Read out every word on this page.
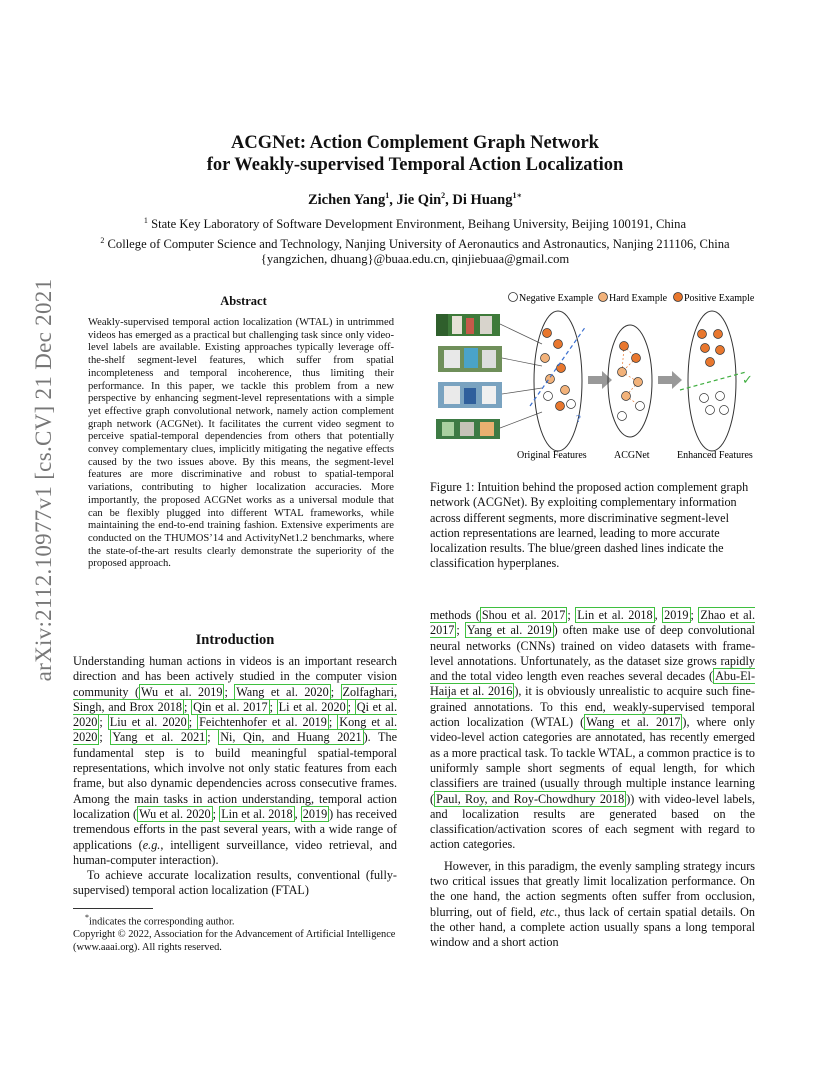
arXiv:2112.10977v1 [cs.CV] 21 Dec 2021
ACGNet: Action Complement Graph Network
for Weakly-supervised Temporal Action Localization
Zichen Yang$^1$, Jie Qin$^2$, Di Huang$^{1∗}$
$^1$ State Key Laboratory of Software Development Environment, Beihang University, Beijing 100191, China
$^2$ College of Computer Science and Technology, Nanjing University of Aeronautics and Astronautics, Nanjing 211106, China
{yangzichen, dhuang}@buaa.edu.cn, qinjiebuaa@gmail.com
Abstract
Weakly-supervised temporal action localization (WTAL) in untrimmed videos has emerged as a practical but challenging task since only video-level labels are available. Existing approaches typically leverage off-the-shelf segment-level features, which suffer from spatial incompleteness and temporal incoherence, thus limiting their performance. In this paper, we tackle this problem from a new perspective by enhancing segment-level representations with a simple yet effective graph convolutional network, namely action complement graph network (ACGNet). It facilitates the current video segment to perceive spatial-temporal dependencies from others that potentially convey complementary clues, implicitly mitigating the negative effects caused by the two issues above. By this means, the segment-level features are more discriminative and robust to spatial-temporal variations, contributing to higher localization accuracies. More importantly, the proposed ACGNet works as a universal module that can be flexibly plugged into different WTAL frameworks, while maintaining the end-to-end training fashion. Extensive experiments are conducted on the THUMOS’14 and ActivityNet1.2 benchmarks, where the state-of-the-art results clearly demonstrate the superiority of the proposed approach.
Introduction

Understanding human actions in videos is an important research direction and has been actively studied in the computer vision community ( Wu et al. 2019 ; Wang et al. 2020 ; Zolfaghari, Singh, and Brox 2018 ; Qin et al. 2017 ; Li et al. 2020 ; Qi et al. 2020 ; Liu et al. 2020 ; Feichtenhofer et al. 2019 ; Kong et al. 2020 ; Yang et al. 2021 ; Ni, Qin, and Huang 2021 ). The fundamental step is to build meaningful spatial-temporal representations, which involve not only static features from each frame, but also dynamic dependencies across consecutive frames. Among the main tasks in action understanding, temporal action localization ( Wu et al. 2020 ; Lin et al. 2018 , 2019 ) has received tremendous efforts in the past several years, with a wide range of applications (e.g., intelligent surveillance, video retrieval, and human-computer interaction).

To achieve accurate localization results, conventional (fully-supervised) temporal action localization (FTAL)

*indicates the corresponding author.
Copyright © 2022, Association for the Advancement of Artificial Intelligence (www.aaai.org). All rights reserved.
Negative Example Hard Example Positive Example
?
✓
Original Features	ACGNet	Enhanced Features
Figure 1: Intuition behind the proposed action complement graph network (ACGNet). By exploiting complementary information across different segments, more discriminative segment-level action representations are learned, leading to more accurate localization results. The blue/green dashed lines indicate the classification hyperplanes.

methods ( Shou et al. 2017 ; Lin et al. 2018 , 2019 ; Zhao et al. 2017 ; Yang et al. 2019 ) often make use of deep convolutional neural networks (CNNs) trained on video datasets with frame-level annotations. Unfortunately, as the dataset size grows rapidly and the total video length even reaches several decades ( Abu-El-Haija et al. 2016 ), it is obviously unrealistic to acquire such fine-grained annotations. To this end, weakly-supervised temporal action localization (WTAL) ( Wang et al. 2017 ), where only video-level action categories are annotated, has recently emerged as a more practical task. To tackle WTAL, a common practice is to uniformly sample short segments of equal length, for which classifiers are trained (usually through multiple instance learning ( Paul, Roy, and Roy-Chowdhury 2018 )) with video-level labels, and localization results are generated based on the classification/activation scores of each segment with regard to action categories.

However, in this paradigm, the evenly sampling strategy incurs two critical issues that greatly limit localization performance. On the one hand, the action segments often suffer from occlusion, blurring, out of field, etc., thus lack of certain spatial details. On the other hand, a complete action usually spans a long temporal window and a short action
